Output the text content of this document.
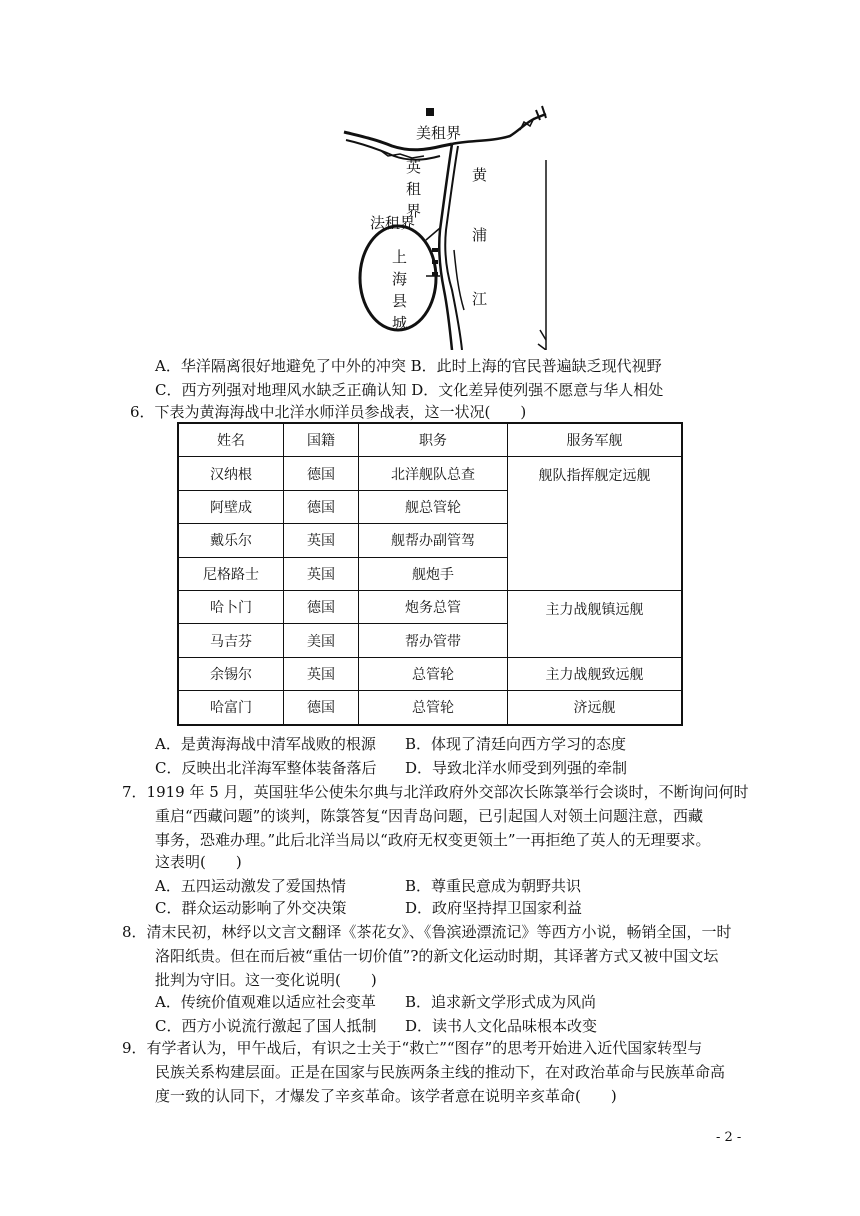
美租界
英
租
界
法租界
黄
浦
江
上
海
县
城
A．华洋隔离很好地避免了中外的冲突 B．此时上海的官民普遍缺乏现代视野
C．西方列强对地理风水缺乏正确认知 D．文化差异使列强不愿意与华人相处
6．下表为黄海海战中北洋水师洋员参战表，这一状况(　　)
姓名	国籍	职务	服务军舰
汉纳根	德国	北洋舰队总查	舰队指挥舰定远舰
阿壁成	德国	舰总管轮	
戴乐尔	英国	舰帮办副管驾	
尼格路士	英国	舰炮手	
哈卜门	德国	炮务总管	主力战舰镇远舰
马吉芬	美国	帮办管带	
余锡尔	英国	总管轮	主力战舰致远舰
哈富门	德国	总管轮	济远舰
A．是黄海海战中清军战败的根源 B．体现了清廷向西方学习的态度
C．反映出北洋海军整体装备落后 D．导致北洋水师受到列强的牵制
7．1919 年 5 月，英国驻华公使朱尔典与北洋政府外交部次长陈箓举行会谈时，不断询问何时
重启“西藏问题”的谈判，陈箓答复“因青岛问题，已引起国人对领土问题注意，西藏
事务，恐难办理。”此后北洋当局以“政府无权变更领土”一再拒绝了英人的无理要求。
这表明(　　)
A．五四运动激发了爱国热情	B．尊重民意成为朝野共识
C．群众运动影响了外交决策	D．政府坚持捍卫国家利益
8．清末民初，林纾以文言文翻译《茶花女》、《鲁滨逊漂流记》等西方小说，畅销全国，一时
洛阳纸贵。但在而后被“重估一切价值”?的新文化运动时期，其译著方式又被中国文坛
批判为守旧。这一变化说明(　　)
A．传统价值观难以适应社会变革 B．追求新文学形式成为风尚
C．西方小说流行激起了国人抵制 D．读书人文化品味根本改变
9．有学者认为，甲午战后，有识之士关于“救亡”“图存”的思考开始进入近代国家转型与
民族关系构建层面。正是在国家与民族两条主线的推动下，在对政治革命与民族革命高
度一致的认同下，才爆发了辛亥革命。该学者意在说明辛亥革命(　　)
- 2 -
